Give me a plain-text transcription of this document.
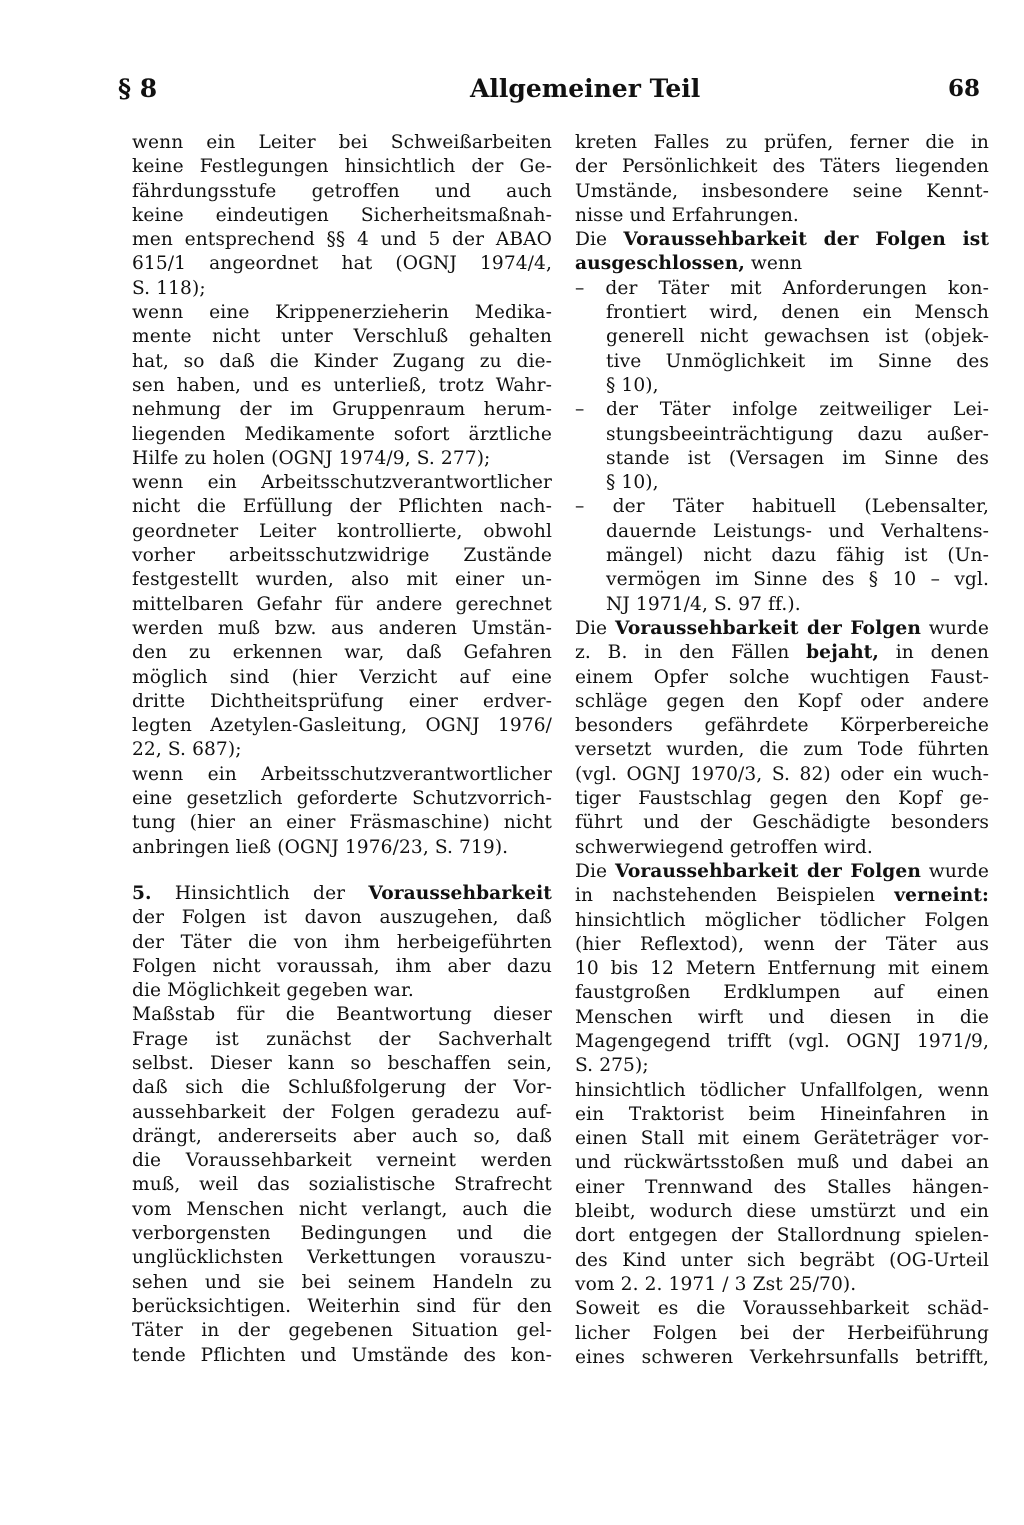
§ 8	Allgemeiner Teil	68
wenn ein Leiter bei Schweißarbeiten
keine Festlegungen hinsichtlich der Ge-
fährdungsstufe getroffen und auch
keine eindeutigen Sicherheitsmaßnah-
men entsprechend §§ 4 und 5 der ABAO
615/1 angeordnet hat (OGNJ 1974/4,
S. 118);
wenn eine Krippenerzieherin Medika-
mente nicht unter Verschluß gehalten
hat, so daß die Kinder Zugang zu die-
sen haben, und es unterließ, trotz Wahr-
nehmung der im Gruppenraum herum-
liegenden Medikamente sofort ärztliche
Hilfe zu holen (OGNJ 1974/9, S. 277);
wenn ein Arbeitsschutzverantwortlicher
nicht die Erfüllung der Pflichten nach-
geordneter Leiter kontrollierte, obwohl
vorher arbeitsschutzwidrige Zustände
festgestellt wurden, also mit einer un-
mittelbaren Gefahr für andere gerechnet
werden muß bzw. aus anderen Umstän-
den zu erkennen war, daß Gefahren
möglich sind (hier Verzicht auf eine
dritte Dichtheitsprüfung einer erdver-
legten Azetylen-Gasleitung, OGNJ 1976/
22, S. 687);
wenn ein Arbeitsschutzverantwortlicher
eine gesetzlich geforderte Schutzvorrich-
tung (hier an einer Fräsmaschine) nicht
anbringen ließ (OGNJ 1976/23, S. 719).
5. Hinsichtlich der Voraussehbarkeit
der Folgen ist davon auszugehen, daß
der Täter die von ihm herbeigeführten
Folgen nicht voraussah, ihm aber dazu
die Möglichkeit gegeben war.
Maßstab für die Beantwortung dieser
Frage ist zunächst der Sachverhalt
selbst. Dieser kann so beschaffen sein,
daß sich die Schlußfolgerung der Vor-
aussehbarkeit der Folgen geradezu auf-
drängt, andererseits aber auch so, daß
die Voraussehbarkeit verneint werden
muß, weil das sozialistische Strafrecht
vom Menschen nicht verlangt, auch die
verborgensten Bedingungen und die
unglücklichsten Verkettungen vorauszu-
sehen und sie bei seinem Handeln zu
berücksichtigen. Weiterhin sind für den
Täter in der gegebenen Situation gel-
tende Pflichten und Umstände des kon-
kreten Falles zu prüfen, ferner die in
der Persönlichkeit des Täters liegenden
Umstände, insbesondere seine Kennt-
nisse und Erfahrungen.
Die Voraussehbarkeit der Folgen ist
ausgeschlossen, wenn
– der Täter mit Anforderungen kon-
frontiert wird, denen ein Mensch
generell nicht gewachsen ist (objek-
tive Unmöglichkeit im Sinne des
§ 10),
– der Täter infolge zeitweiliger Lei-
stungsbeeinträchtigung dazu außer-
stande ist (Versagen im Sinne des
§ 10),
– der Täter habituell (Lebensalter,
dauernde Leistungs- und Verhaltens-
mängel) nicht dazu fähig ist (Un-
vermögen im Sinne des § 10 – vgl.
NJ 1971/4, S. 97 ff.).
Die Voraussehbarkeit der Folgen wurde
z. B. in den Fällen bejaht, in denen
einem Opfer solche wuchtigen Faust-
schläge gegen den Kopf oder andere
besonders gefährdete Körperbereiche
versetzt wurden, die zum Tode führten
(vgl. OGNJ 1970/3, S. 82) oder ein wuch-
tiger Faustschlag gegen den Kopf ge-
führt und der Geschädigte besonders
schwerwiegend getroffen wird.
Die Voraussehbarkeit der Folgen wurde
in nachstehenden Beispielen verneint:
hinsichtlich möglicher tödlicher Folgen
(hier Reflextod), wenn der Täter aus
10 bis 12 Metern Entfernung mit einem
faustgroßen Erdklumpen auf einen
Menschen wirft und diesen in die
Magengegend trifft (vgl. OGNJ 1971/9,
S. 275);
hinsichtlich tödlicher Unfallfolgen, wenn
ein Traktorist beim Hineinfahren in
einen Stall mit einem Geräteträger vor-
und rückwärtsstoßen muß und dabei an
einer Trennwand des Stalles hängen-
bleibt, wodurch diese umstürzt und ein
dort entgegen der Stallordnung spielen-
des Kind unter sich begräbt (OG-Urteil
vom 2. 2. 1971 / 3 Zst 25/70).
Soweit es die Voraussehbarkeit schäd-
licher Folgen bei der Herbeiführung
eines schweren Verkehrsunfalls betrifft,
